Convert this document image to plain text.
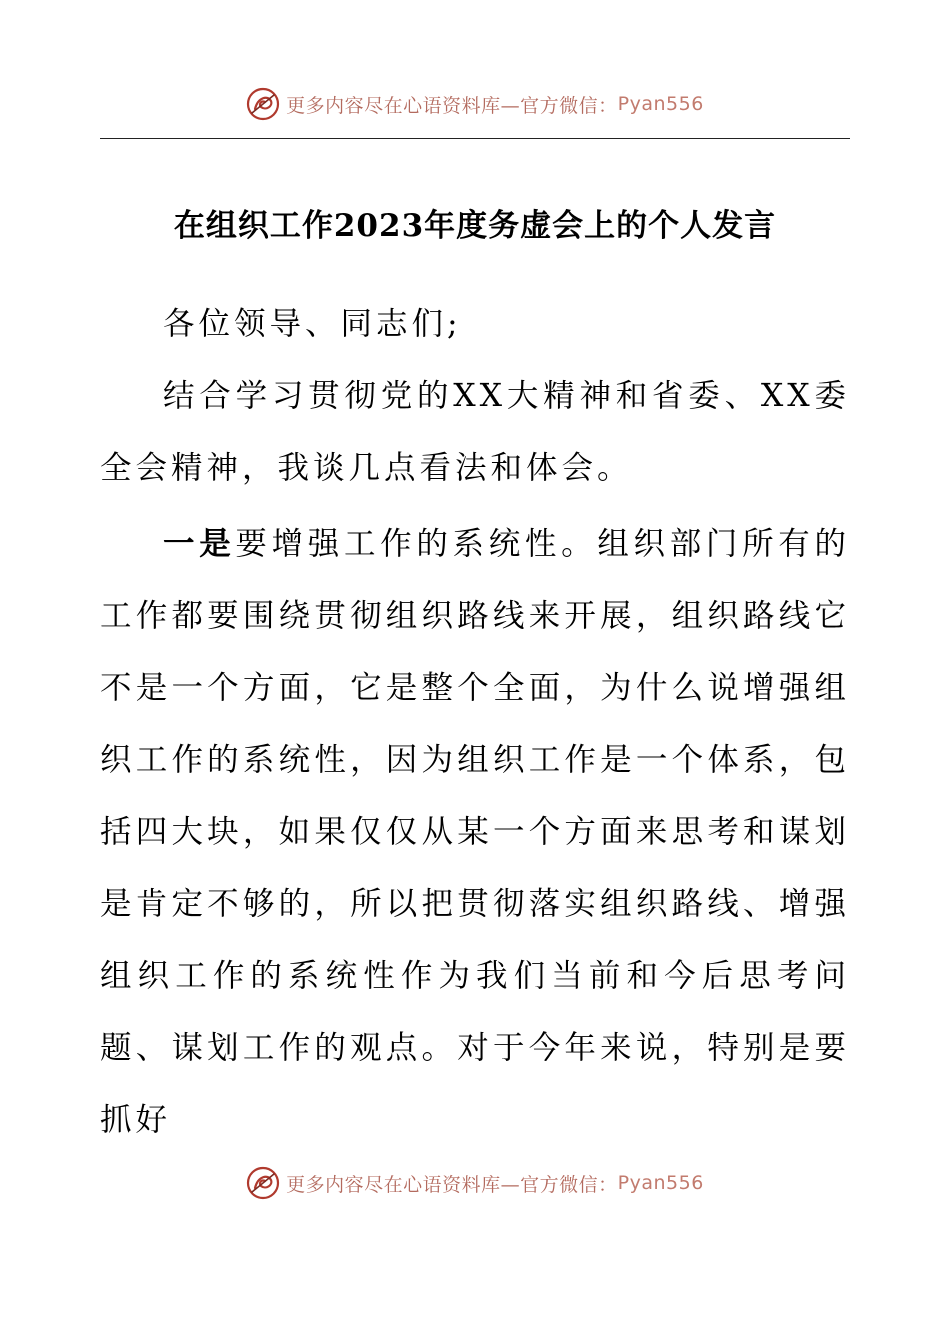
更多内容尽在心语资料库—官方微信： Pyan556
在组织工作2023年度务虚会上的个人发言

各位领导、同志们;

结合学习贯彻党的XX大精神和省委、XX委全会精神，我谈几点看法和体会。

一是要增强工作的系统性。组织部门所有的工作都要围绕贯彻组织路线来开展，组织路线它不是一个方面，它是整个全面，为什么说增强组织工作的系统性，因为组织工作是一个体系，包括四大块，如果仅仅从某一个方面来思考和谋划是肯定不够的，所以把贯彻落实组织路线、增强组织工作的系统性作为我们当前和今后思考问题、谋划工作的观点。对于今年来说，特别是要抓好

更多内容尽在心语资料库—官方微信： Pyan556
